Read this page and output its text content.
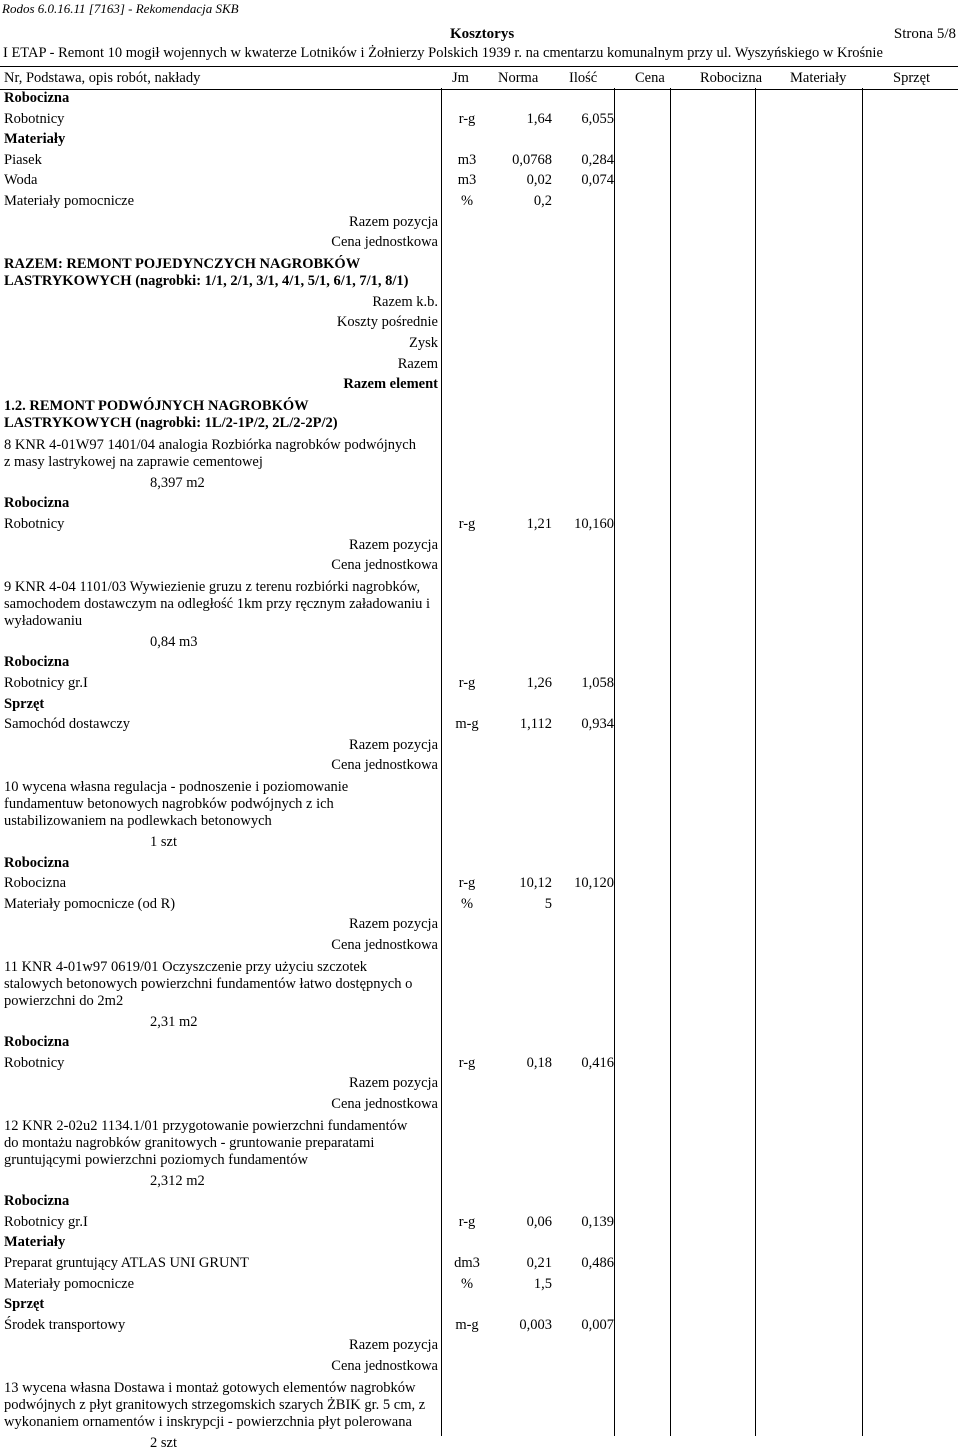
Rodos 6.0.16.11 [7163] - Rekomendacja SKB
Kosztorys	Strona 5/8
I ETAP - Remont 10 mogił wojennych w kwaterze Lotników i Żołnierzy Polskich 1939 r. na cmentarzu komunalnym przy ul. Wyszyńskiego w Krośnie
Nr, Podstawa, opis robót, nakłady	Jm Norma Ilość	Cena Robocizna Materiały	Sprzęt
Robocizna
Robotnicy	r-g	1,64	6,055
Materiały
Piasek	m3	0,0768	0,284
Woda	m3	0,02	0,074
Materiały pomocnicze	%	0,2
Razem pozycja
Cena jednostkowa
RAZEM: REMONT POJEDYNCZYCH NAGROBKÓW
LASTRYKOWYCH (nagrobki: 1/1, 2/1, 3/1, 4/1, 5/1, 6/1, 7/1, 8/1)
Razem k.b.
Koszty pośrednie
Zysk
Razem
Razem element
1.2. REMONT PODWÓJNYCH NAGROBKÓW
LASTRYKOWYCH (nagrobki: 1L/2-1P/2, 2L/2-2P/2)
8 KNR 4-01W97 1401/04 analogia Rozbiórka nagrobków podwójnych
z masy lastrykowej na zaprawie cementowej
8,397 m2
Robocizna
Robotnicy	r-g	1,21	10,160
Razem pozycja
Cena jednostkowa
9 KNR 4-04 1101/03 Wywiezienie gruzu z terenu rozbiórki nagrobków,
samochodem dostawczym na odległość 1km przy ręcznym załadowaniu i
wyładowaniu
0,84 m3
Robocizna
Robotnicy gr.I	r-g	1,26	1,058
Sprzęt
Samochód dostawczy	m-g	1,112	0,934
Razem pozycja
Cena jednostkowa
10 wycena własna regulacja - podnoszenie i poziomowanie
fundamentuw betonowych nagrobków podwójnych z ich
ustabilizowaniem na podlewkach betonowych
1 szt
Robocizna
Robocizna	r-g	10,12	10,120
Materiały pomocnicze (od R)	%	5
Razem pozycja
Cena jednostkowa
11 KNR 4-01w97 0619/01 Oczyszczenie przy użyciu szczotek
stalowych betonowych powierzchni fundamentów łatwo dostępnych o
powierzchni do 2m2
2,31 m2
Robocizna
Robotnicy	r-g	0,18	0,416
Razem pozycja
Cena jednostkowa
12 KNR 2-02u2 1134.1/01 przygotowanie powierzchni fundamentów
do montażu nagrobków granitowych - gruntowanie preparatami
gruntującymi powierzchni poziomych fundamentów
2,312 m2
Robocizna
Robotnicy gr.I	r-g	0,06	0,139
Materiały
Preparat gruntujący ATLAS UNI GRUNT	dm3	0,21	0,486
Materiały pomocnicze	%	1,5
Sprzęt
Środek transportowy	m-g	0,003	0,007
Razem pozycja
Cena jednostkowa
13 wycena własna Dostawa i montaż gotowych elementów nagrobków
podwójnych z płyt granitowych strzegomskich szarych ŻBIK gr. 5 cm, z
wykonaniem ornamentów i inskrypcji - powierzchnia płyt polerowana
2 szt
